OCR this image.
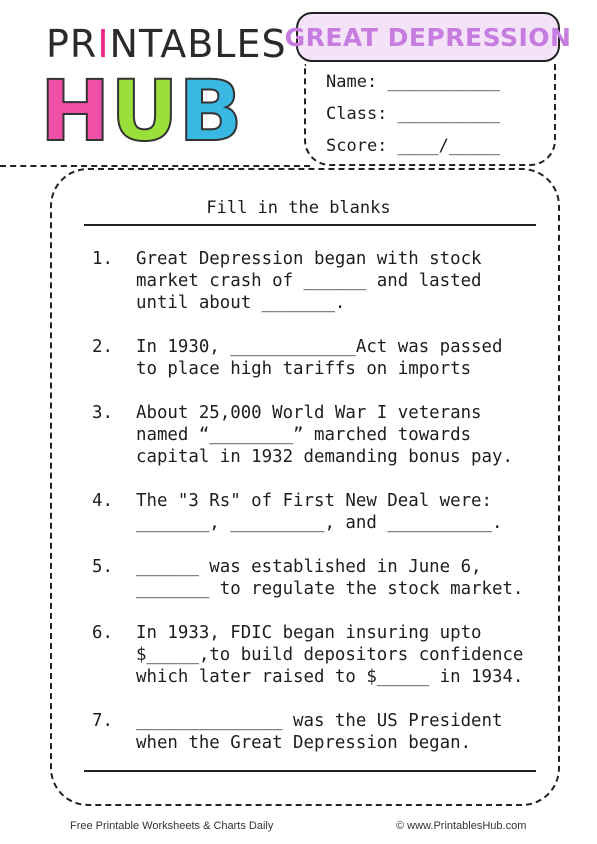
PRINTABLES
HUB
GREAT DEPRESSION
Name: ___________
Class: __________
Score: ____/_____
Fill in the blanks
1.	Great Depression began with stock
market crash of ______ and lasted
until about _______.
2.	In 1930, ____________Act was passed
to place high tariffs on imports
3.	About 25,000 World War I veterans
named “________” marched towards
capital in 1932 demanding bonus pay.
4.	The "3 Rs" of First New Deal were:
_______, _________, and __________.
5.	______ was established in June 6,
_______ to regulate the stock market.
6.	In 1933, FDIC began insuring upto
$_____,to build depositors confidence
which later raised to $_____ in 1934.
7.	______________ was the US President
when the Great Depression began.
Free Printable Worksheets & Charts Daily	© www.PrintablesHub.com
